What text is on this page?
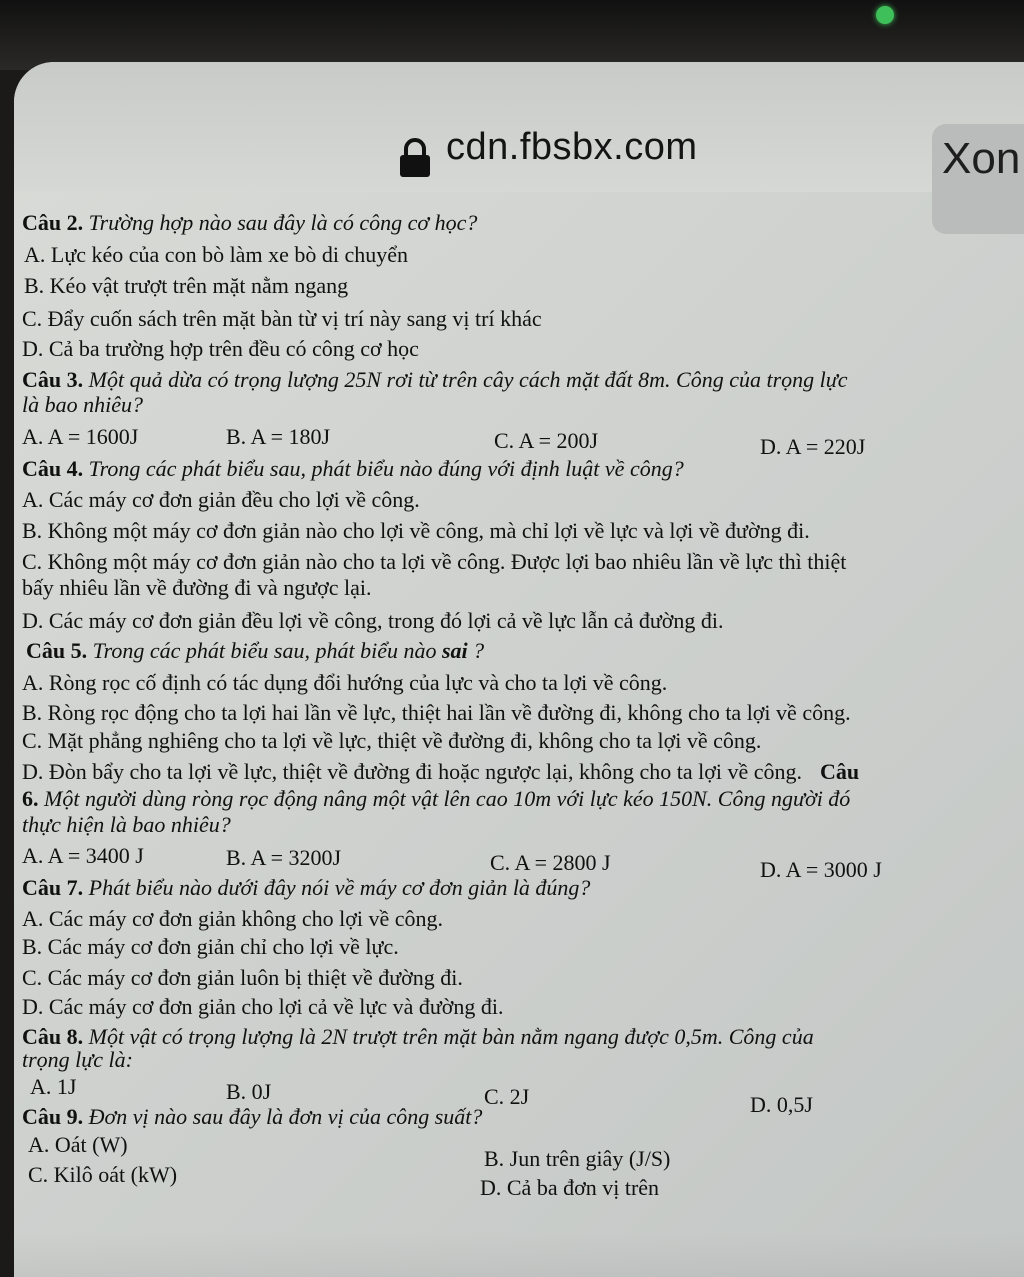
cdn.fbsbx.com	Xon
Câu 2. Trường hợp nào sau đây là có công cơ học?
A. Lực kéo của con bò làm xe bò di chuyển
B. Kéo vật trượt trên mặt nằm ngang
C. Đẩy cuốn sách trên mặt bàn từ vị trí này sang vị trí khác
D. Cả ba trường hợp trên đều có công cơ học
Câu 3. Một quả dừa có trọng lượng 25N rơi từ trên cây cách mặt đất 8m. Công của trọng lực
là bao nhiêu?
A. A = 1600J	B. A = 180J	C. A = 200J	D. A = 220J
Câu 4. Trong các phát biểu sau, phát biểu nào đúng với định luật về công?
A. Các máy cơ đơn giản đều cho lợi về công.
B. Không một máy cơ đơn giản nào cho lợi về công, mà chỉ lợi về lực và lợi về đường đi.
C. Không một máy cơ đơn giản nào cho ta lợi về công. Được lợi bao nhiêu lần về lực thì thiệt
bấy nhiêu lần về đường đi và ngược lại.
D. Các máy cơ đơn giản đều lợi về công, trong đó lợi cả về lực lẫn cả đường đi.
Câu 5. Trong các phát biểu sau, phát biểu nào sai ?
A. Ròng rọc cố định có tác dụng đổi hướng của lực và cho ta lợi về công.
B. Ròng rọc động cho ta lợi hai lần về lực, thiệt hai lần về đường đi, không cho ta lợi về công.
C. Mặt phẳng nghiêng cho ta lợi về lực, thiệt về đường đi, không cho ta lợi về công.
D. Đòn bẩy cho ta lợi về lực, thiệt về đường đi hoặc ngược lại, không cho ta lợi về công. Câu
6. Một người dùng ròng rọc động nâng một vật lên cao 10m với lực kéo 150N. Công người đó
thực hiện là bao nhiêu?
A. A = 3400 J	B. A = 3200J	C. A = 2800 J	D. A = 3000 J
Câu 7. Phát biểu nào dưới đây nói về máy cơ đơn giản là đúng?
A. Các máy cơ đơn giản không cho lợi về công.
B. Các máy cơ đơn giản chỉ cho lợi về lực.
C. Các máy cơ đơn giản luôn bị thiệt về đường đi.
D. Các máy cơ đơn giản cho lợi cả về lực và đường đi.
Câu 8. Một vật có trọng lượng là 2N trượt trên mặt bàn nằm ngang được 0,5m. Công của
trọng lực là:
A. 1J	B. 0J	C. 2J	D. 0,5J
Câu 9. Đơn vị nào sau đây là đơn vị của công suất?
A. Oát (W)
B. Jun trên giây (J/S)
C. Kilô oát (kW)
D. Cả ba đơn vị trên
